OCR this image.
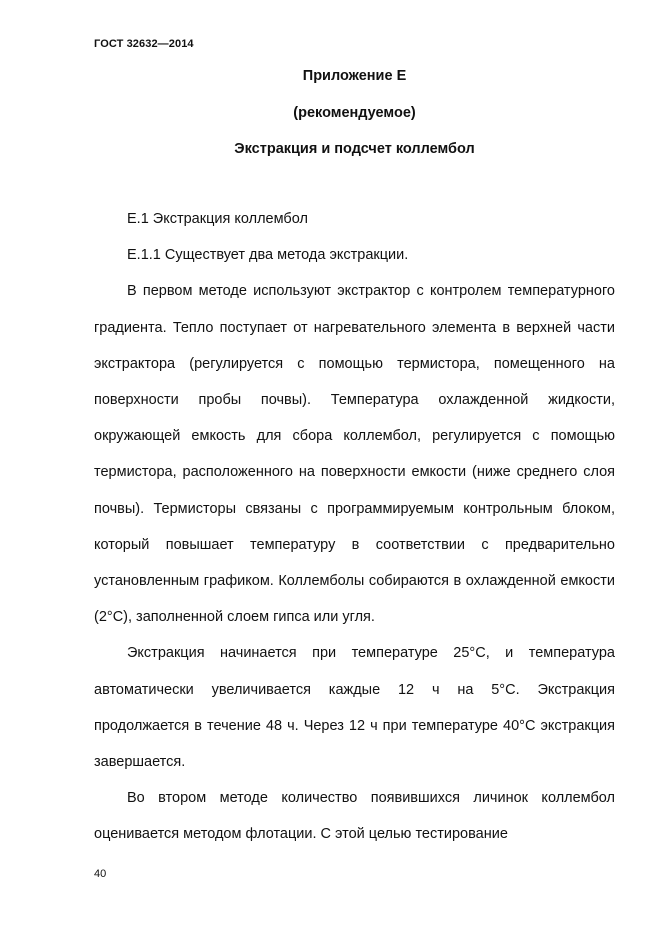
ГОСТ 32632—2014
Приложение Е
(рекомендуемое)
Экстракция и подсчет коллембол

Е.1 Экстракция коллембол

Е.1.1 Существует два метода экстракции.

В первом методе используют экстрактор с контролем температурного градиента. Тепло поступает от нагревательного элемента в верхней части экстрактора (регулируется с помощью термистора, помещенного на поверхности пробы почвы). Температура охлажденной жидкости, окружающей емкость для сбора коллембол, регулируется с помощью термистора, расположенного на поверхности емкости (ниже среднего слоя почвы). Термисторы связаны с программируемым контрольным блоком, который повышает температуру в соответствии с предварительно установленным графиком. Коллемболы собираются в охлажденной емкости (2°С), заполненной слоем гипса или угля.

Экстракция начинается при температуре 25°С, и температура автоматически увеличивается каждые 12 ч на 5°С. Экстракция продолжается в течение 48 ч. Через 12 ч при температуре 40°С экстракция завершается.

Во втором методе количество появившихся личинок коллембол оценивается методом флотации. С этой целью тестирование

40
